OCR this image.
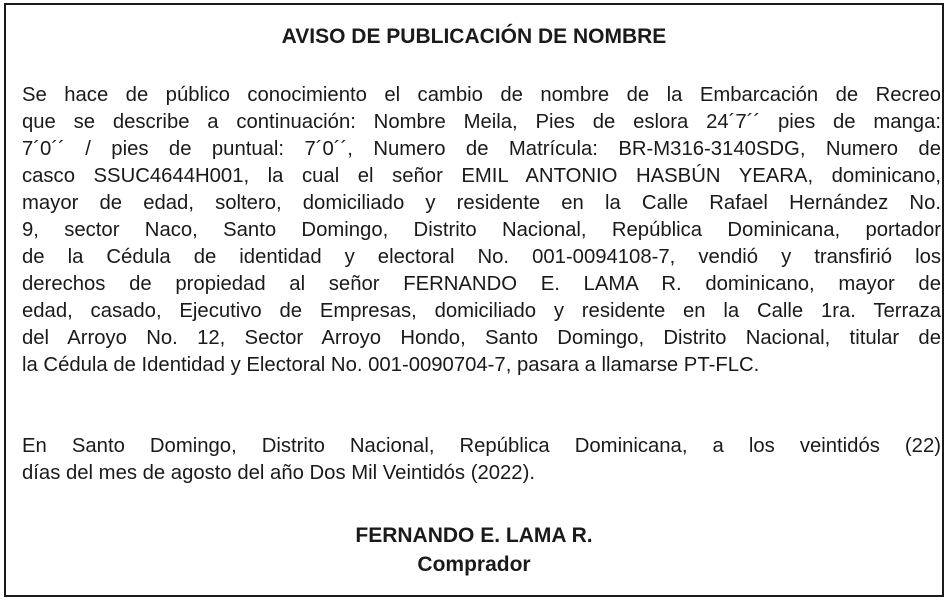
AVISO DE PUBLICACIÓN DE NOMBRE
Se hace de público conocimiento el cambio de nombre de la Embarcación de Recreo
que se describe a continuación: Nombre Meila, Pies de eslora 24´7´´ pies de manga:
7´0´´ / pies de puntual: 7´0´´, Numero de Matrícula: BR-M316-3140SDG, Numero de
casco SSUC4644H001, la cual el señor EMIL ANTONIO HASBÚN YEARA, dominicano,
mayor de edad, soltero, domiciliado y residente en la Calle Rafael Hernández No.
9, sector Naco, Santo Domingo, Distrito Nacional, República Dominicana, portador
de la Cédula de identidad y electoral No. 001-0094108-7, vendió y transfirió los
derechos de propiedad al señor FERNANDO E. LAMA R. dominicano, mayor de
edad, casado, Ejecutivo de Empresas, domiciliado y residente en la Calle 1ra. Terraza
del Arroyo No. 12, Sector Arroyo Hondo, Santo Domingo, Distrito Nacional, titular de
la Cédula de Identidad y Electoral No. 001-0090704-7, pasara a llamarse PT-FLC.
En Santo Domingo, Distrito Nacional, República Dominicana, a los veintidós (22)
días del mes de agosto del año Dos Mil Veintidós (2022).
FERNANDO E. LAMA R.
Comprador
